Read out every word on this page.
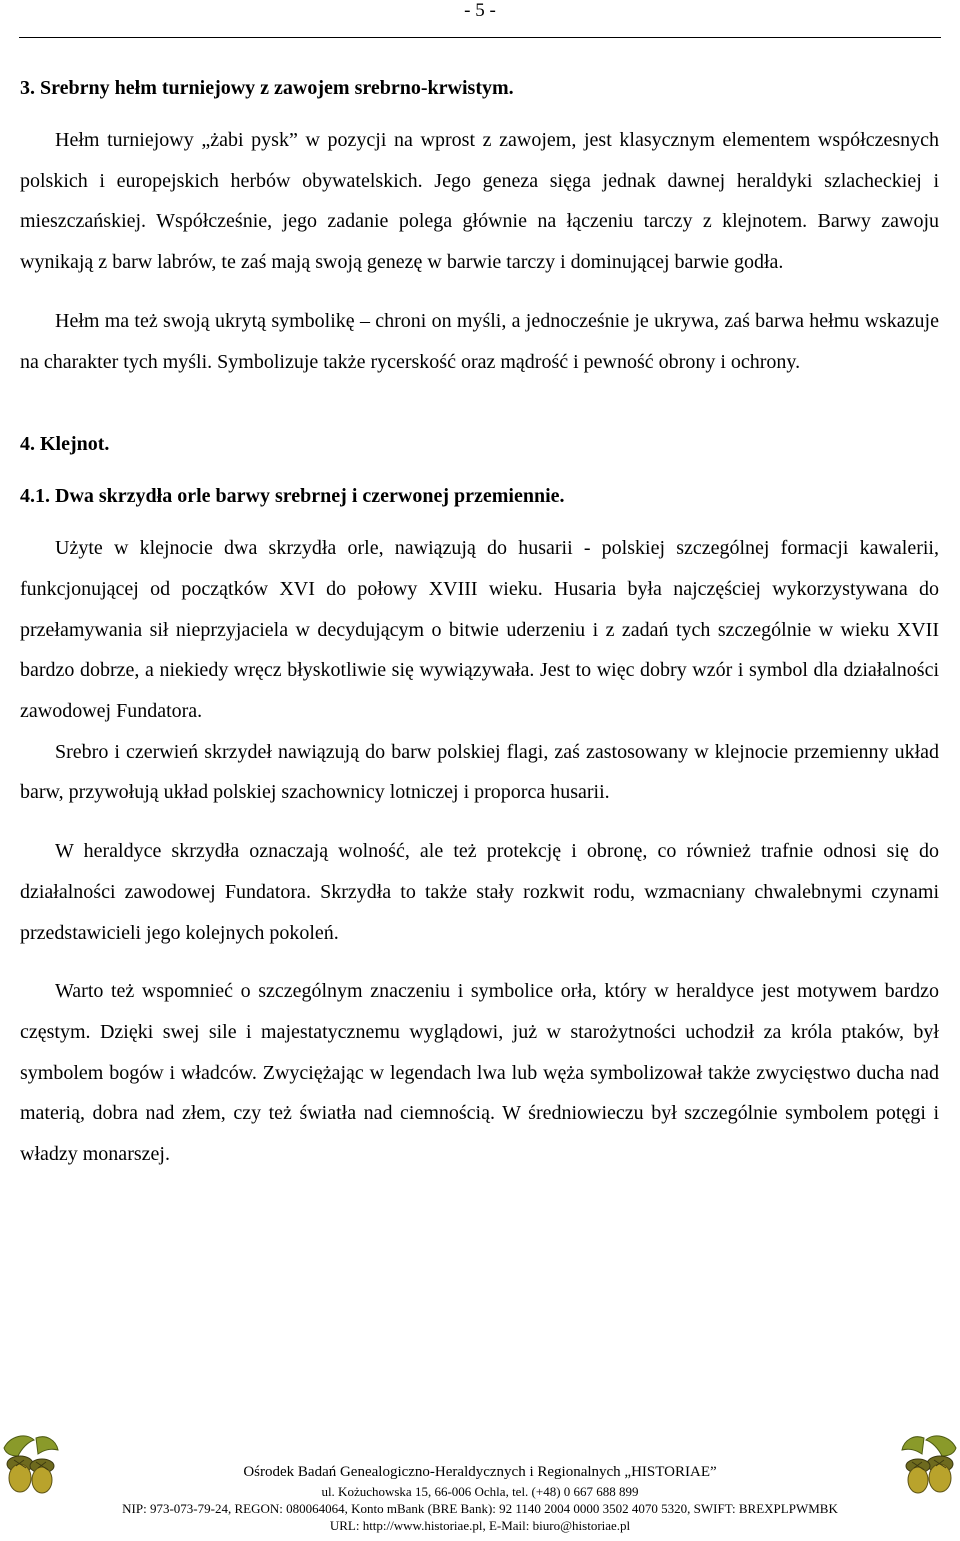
- 5 -

3. Srebrny hełm turniejowy z zawojem srebrno-krwistym.

Hełm turniejowy „żabi pysk” w pozycji na wprost z zawojem, jest klasycznym elementem współczesnych polskich i europejskich herbów obywatelskich. Jego geneza sięga jednak dawnej heraldyki szlacheckiej i mieszczańskiej. Współcześnie, jego zadanie polega głównie na łączeniu tarczy z klejnotem. Barwy zawoju wynikają z barw labrów, te zaś mają swoją genezę w barwie tarczy i dominującej barwie godła.

Hełm ma też swoją ukrytą symbolikę – chroni on myśli, a jednocześnie je ukrywa, zaś barwa hełmu wskazuje na charakter tych myśli. Symbolizuje także rycerskość oraz mądrość i pewność obrony i ochrony.

4. Klejnot.

4.1. Dwa skrzydła orle barwy srebrnej i czerwonej przemiennie.

Użyte w klejnocie dwa skrzydła orle, nawiązują do husarii - polskiej szczególnej formacji kawalerii, funkcjonującej od początków XVI do połowy XVIII wieku. Husaria była najczęściej wykorzystywana do przełamywania sił nieprzyjaciela w decydującym o bitwie uderzeniu i z zadań tych szczególnie w wieku XVII bardzo dobrze, a niekiedy wręcz błyskotliwie się wywiązywała. Jest to więc dobry wzór i symbol dla działalności zawodowej Fundatora.

Srebro i czerwień skrzydeł nawiązują do barw polskiej flagi, zaś zastosowany w klejnocie przemienny układ barw, przywołują układ polskiej szachownicy lotniczej i proporca husarii.

W heraldyce skrzydła oznaczają wolność, ale też protekcję i obronę, co również trafnie odnosi się do działalności zawodowej Fundatora. Skrzydła to także stały rozkwit rodu, wzmacniany chwalebnymi czynami przedstawicieli jego kolejnych pokoleń.

Warto też wspomnieć o szczególnym znaczeniu i symbolice orła, który w heraldyce jest motywem bardzo częstym. Dzięki swej sile i majestatycznemu wyglądowi, już w starożytności uchodził za króla ptaków, był symbolem bogów i władców. Zwyciężając w legendach lwa lub węża symbolizował także zwycięstwo ducha nad materią, dobra nad złem, czy też światła nad ciemnością. W średniowieczu był szczególnie symbolem potęgi i władzy monarszej.

Ośrodek Badań Genealogiczno-Heraldycznych i Regionalnych „HISTORIAE”
ul. Kożuchowska 15, 66-006 Ochla, tel. (+48) 0 667 688 899
NIP: 973-073-79-24, REGON: 080064064, Konto mBank (BRE Bank): 92 1140 2004 0000 3502 4070 5320, SWIFT: BREXPLPWMBK
URL: http://www.historiae.pl, E-Mail: biuro@historiae.pl
